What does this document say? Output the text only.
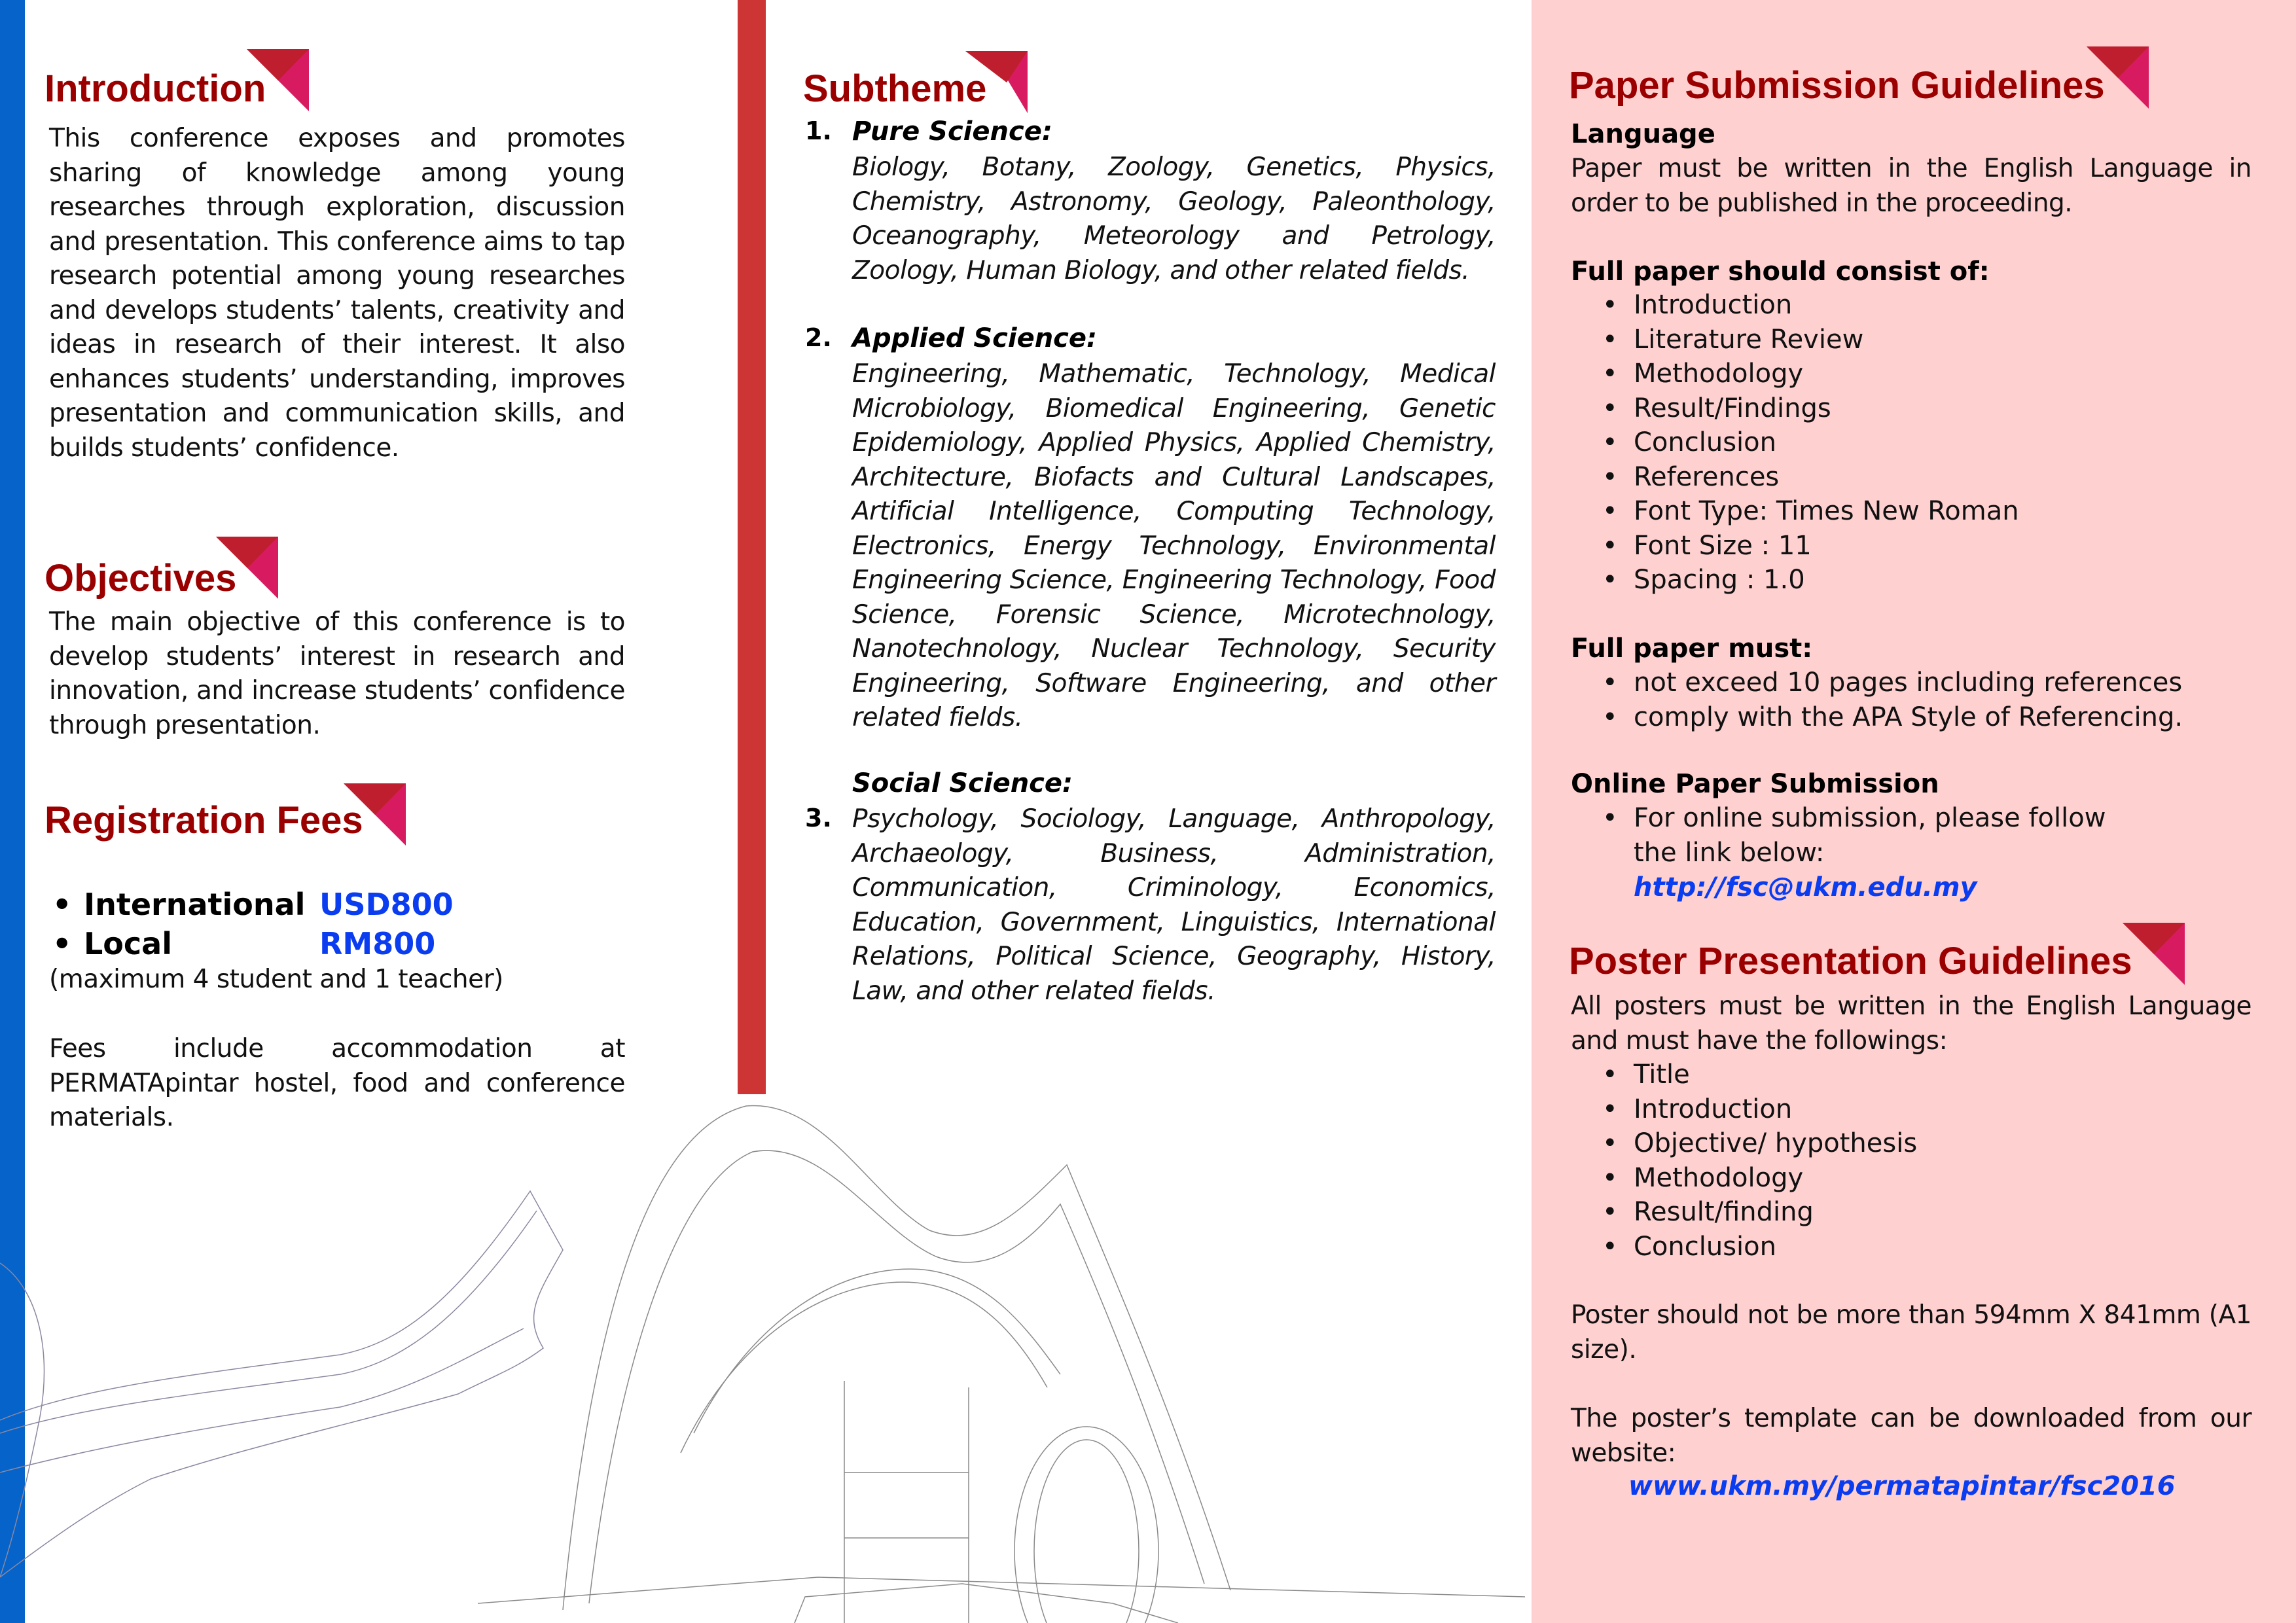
Introduction
This conference exposes and promotes sharing of knowledge among young researches through exploration, discussion and presentation. This conference aims to tap research potential among young researches and develops students’ talents, creativity and ideas in research of their interest. It also enhances students’ understanding, improves presentation and communication skills, and builds students’ confidence.
Objectives
The main objective of this conference is to develop students’ interest in research and innovation, and increase students’ confidence through presentation.
Registration Fees
• International USD800
• Local	RM800
(maximum 4 student and 1 teacher)
Fees include accommodation at PERMATApintar hostel, food and conference materials.
Subtheme
1. Pure Science:
Biology, Botany, Zoology, Genetics, Physics, Chemistry, Astronomy, Geology, Paleonthology, Oceanography, Meteorology and Petrology, Zoology, Human Biology, and other related fields.
2. Applied Science:
Engineering, Mathematic, Technology, Medical Microbiology, Biomedical Engineering, Genetic Epidemiology, Applied Physics, Applied Chemistry, Architecture, Biofacts and Cultural Landscapes, Artificial Intelligence, Computing Technology, Electronics, Energy Technology, Environmental Engineering Science, Engineering Technology, Food Science, Forensic Science, Microtechnology, Nanotechnology, Nuclear Technology, Security Engineering, Software Engineering, and other related fields.
Social Science:
3. Psychology, Sociology, Language, Anthropology, Archaeology, Business, Administration, Communication, Criminology, Economics, Education, Government, Linguistics, International Relations, Political Science, Geography, History, Law, and other related fields.
Paper Submission Guidelines
Language
Paper must be written in the English Language in order to be published in the proceeding.
Full paper should consist of:
• Introduction
• Literature Review
• Methodology
• Result/Findings
• Conclusion
• References
• Font Type: Times New Roman
• Font Size : 11
• Spacing : 1.0
Full paper must:
• not exceed 10 pages including references
• comply with the APA Style of Referencing.
Online Paper Submission
• For online submission, please follow the link below:
http://fsc@ukm.edu.my
Poster Presentation Guidelines
All posters must be written in the English Language and must have the followings:
• Title
• Introduction
• Objective/ hypothesis
• Methodology
• Result/finding
• Conclusion
Poster should not be more than 594mm X 841mm (A1 size).
The poster’s template can be downloaded from our website:
www.ukm.my/permatapintar/fsc2016
